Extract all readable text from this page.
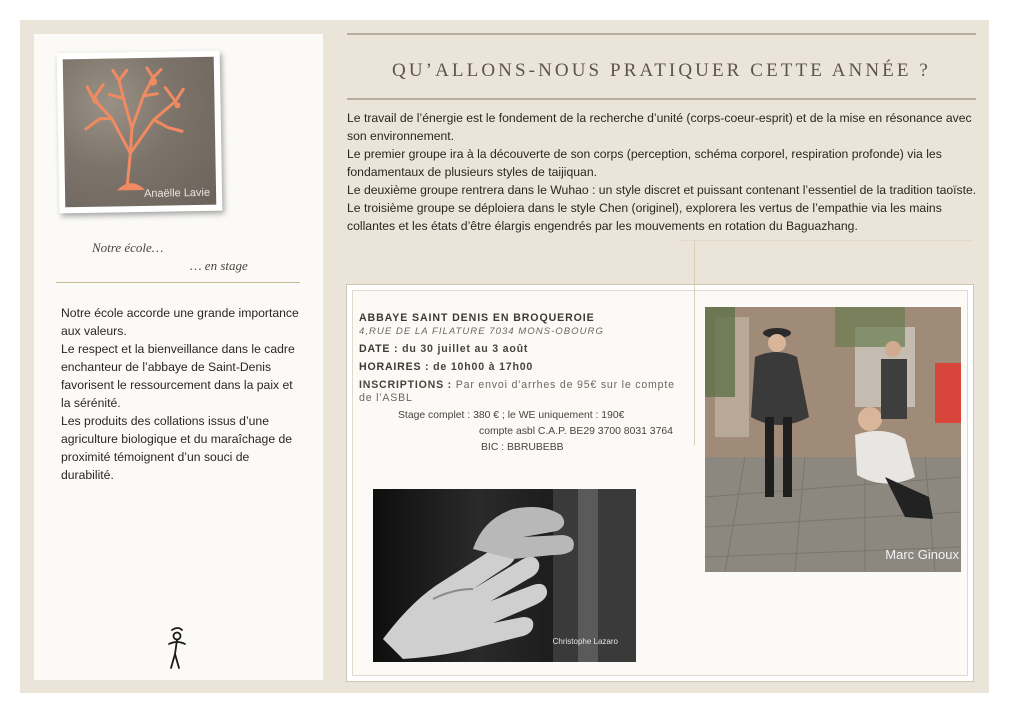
Anaëlle Lavie
Notre école…
… en stage

Notre école accorde une grande importance aux valeurs.

Le respect et la bienveillance dans le cadre enchanteur de l’abbaye de Saint-Denis favorisent le ressourcement dans la paix et la sérénité.

Les produits des collations issus d’une agriculture biologique et du maraîchage de proximité témoignent d’un souci de durabilité.

QU’ALLONS-NOUS PRATIQUER CETTE ANNÉE ?

Le travail de l’énergie est le fondement de la recherche d’unité (corps-coeur-esprit) et de la mise en résonance avec son environnement.

Le premier groupe ira à la découverte de son corps (perception, schéma corporel, respiration profonde) via les fondamentaux de plusieurs styles de taijiquan.

Le deuxième groupe rentrera dans le Wuhao : un style discret et puissant contenant l’essentiel de la tradition taoïste. Le troisième groupe se déploiera dans le style Chen (originel), explorera les vertus de l’empathie via les mains collantes et les états d’être élargis engendrés par les mouvements en rotation du Baguazhang.

ABBAYE SAINT DENIS EN BROQUEROIE
4,RUE DE LA FILATURE 7034 MONS-OBOURG
DATE : du 30 juillet au 3 août
HORAIRES : de 10h00 à 17h00
INSCRIPTIONS : Par envoi d’arrhes de 95€ sur le compte de l’ASBL
Stage complet : 380 € ; le WE uniquement : 190€
compte asbl C.A.P. BE29 3700 8031 3764
BIC : BBRUBEBB
Christophe Lazaro
Marc Ginoux
